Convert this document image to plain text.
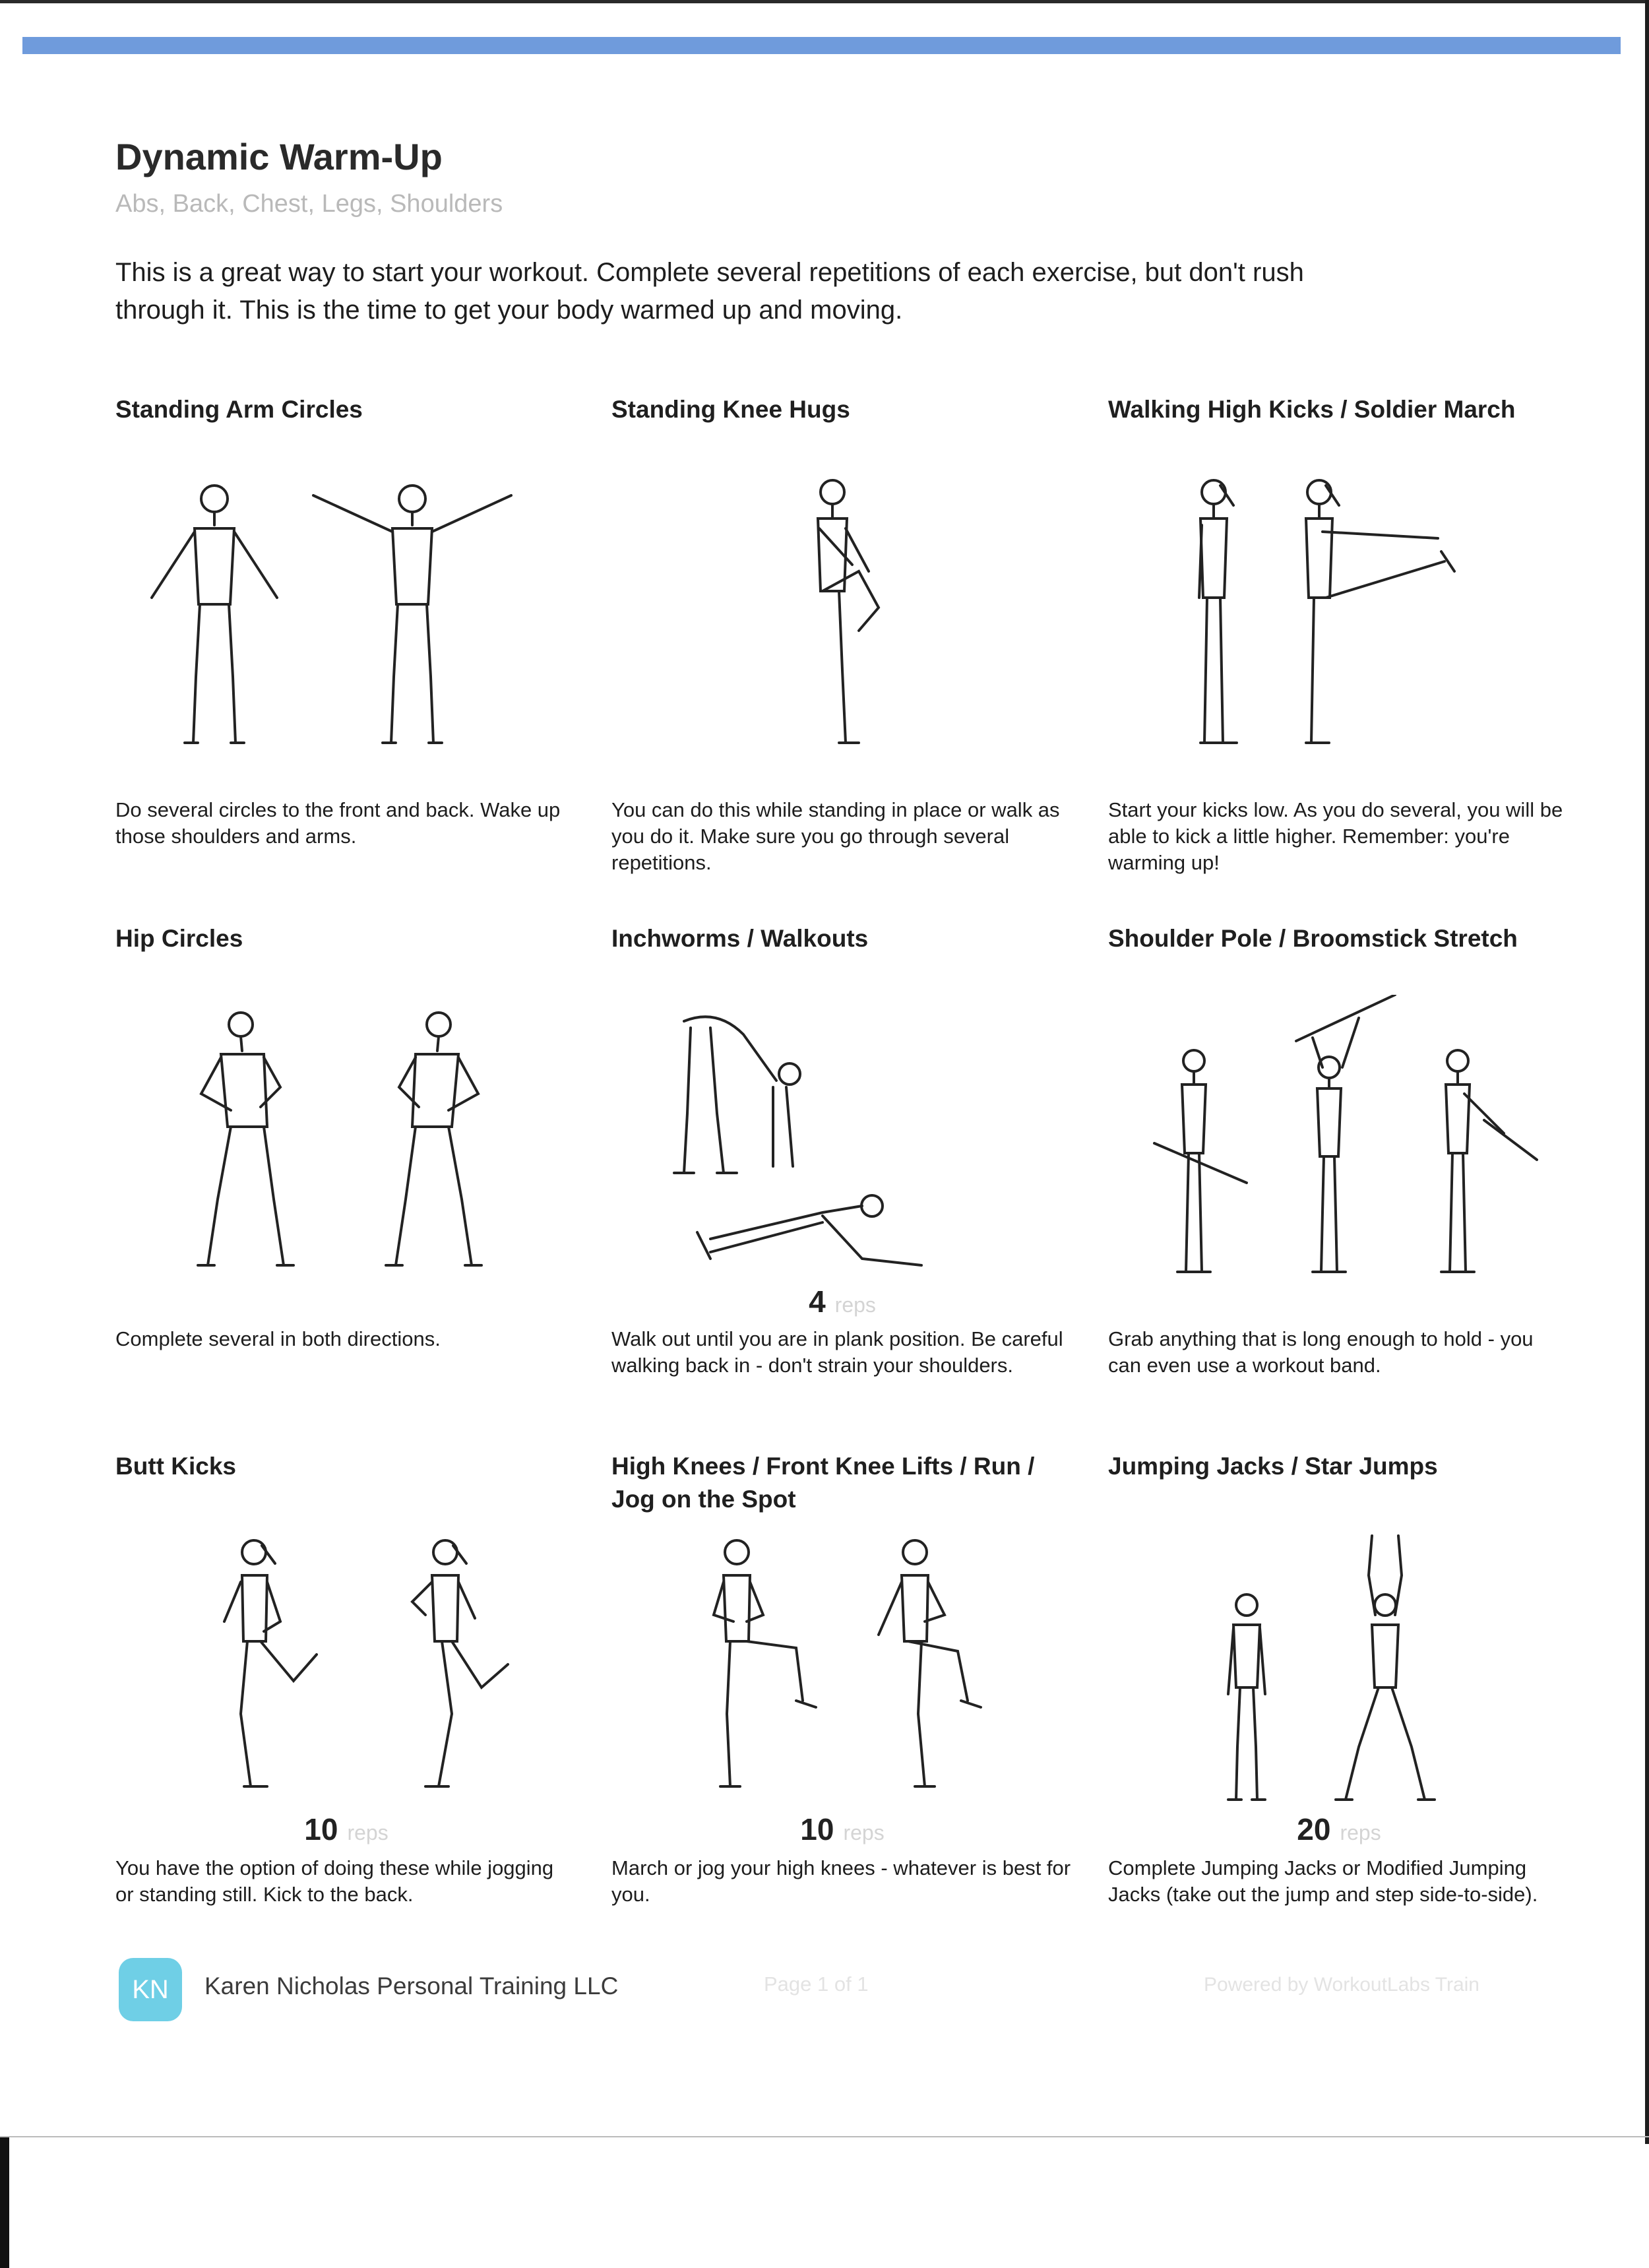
Dynamic Warm-Up
Abs, Back, Chest, Legs, Shoulders
This is a great way to start your workout. Complete several repetitions of each exercise, but don't rush through it. This is the time to get your body warmed up and moving.
Standing Arm Circles
Do several circles to the front and back. Wake up those shoulders and arms.
Standing Knee Hugs
You can do this while standing in place or walk as you do it. Make sure you go through several repetitions.
Walking High Kicks / Soldier March
Start your kicks low. As you do several, you will be able to kick a little higher. Remember: you're warming up!
Hip Circles
Complete several in both directions.
Inchworms / Walkouts
4 reps
Walk out until you are in plank position. Be careful walking back in - don't strain your shoulders.
Shoulder Pole / Broomstick Stretch
Grab anything that is long enough to hold - you can even use a workout band.
Butt Kicks
10 reps
You have the option of doing these while jogging or standing still. Kick to the back.
High Knees / Front Knee Lifts / Run / Jog on the Spot
10 reps
March or jog your high knees - whatever is best for you.
Jumping Jacks / Star Jumps
20 reps
Complete Jumping Jacks or Modified Jumping Jacks (take out the jump and step side-to-side).
KN	Karen Nicholas Personal Training LLC	Page 1 of 1	Powered by WorkoutLabs Train
